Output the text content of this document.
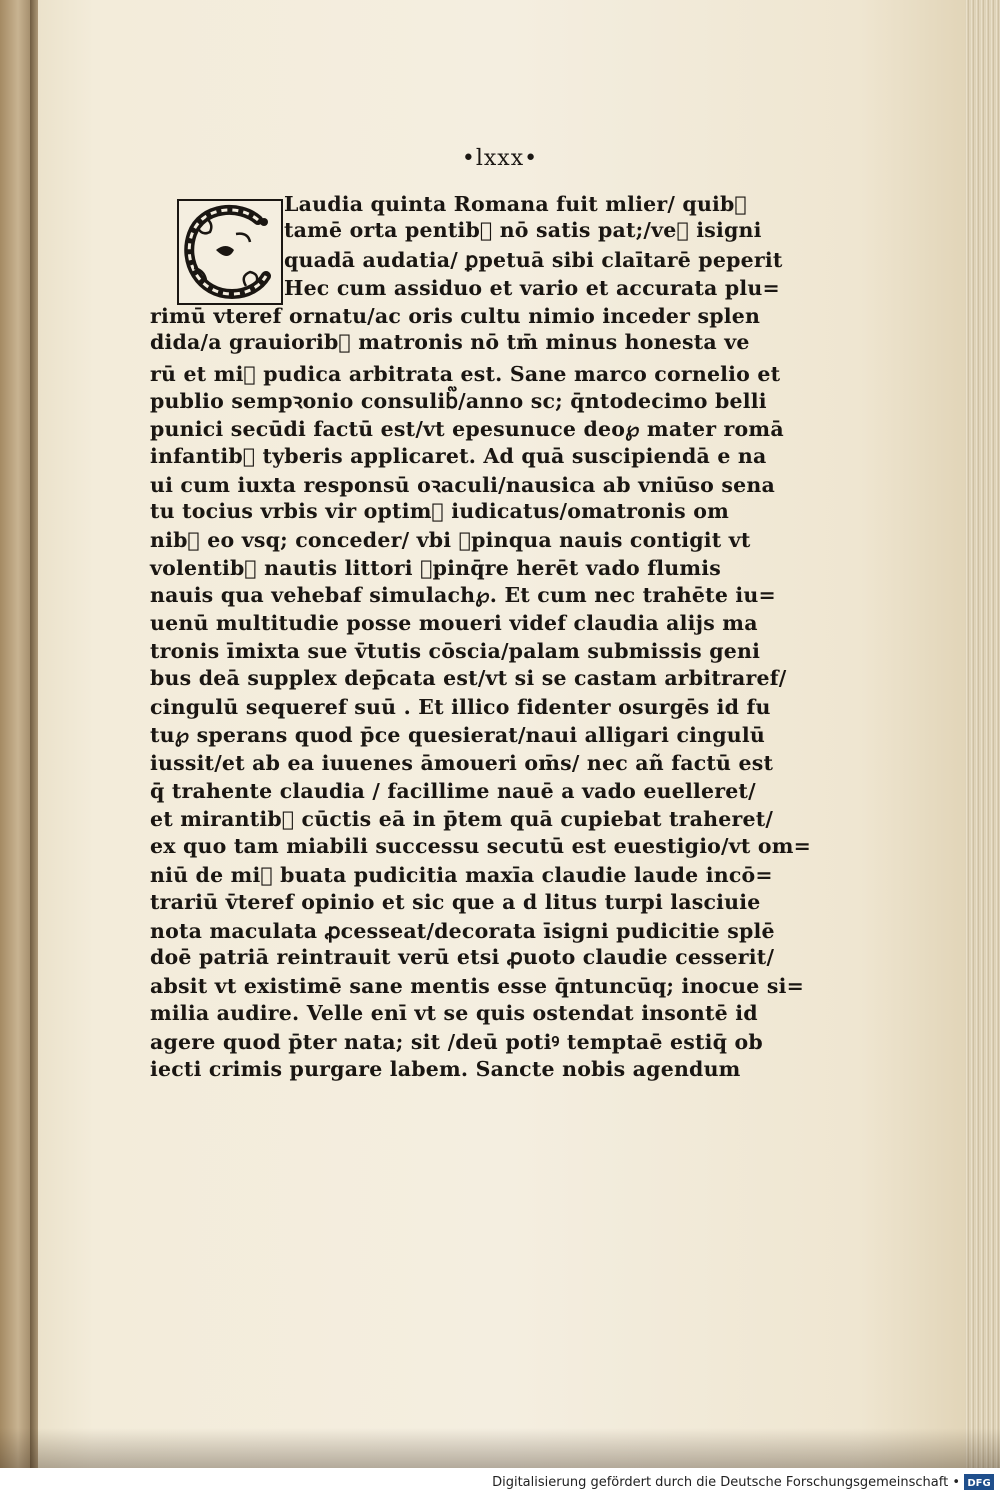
•lxxx•
Laudia quinta Romana fuit mlier/ quib᷑
tamē orta pentib᷑ nō satis pat;/ve℘ isigni
quadā audatia/ ꝑpetuā sibi claītarē peperit
Hec cum assiduo et vario et accurata plu=
rimū vteref ornatu/ac oris cultu nimio inceder splen
dida/a grauiorib᷑ matronis nō tm̄ minus honesta ve
rū et mi᷑ pudica arbitrata est. Sane marco cornelio et
publio sempꝛonio consulib᷑/anno sc; q̄ntodecimo belli
punici secūdi factū est/vt epesunuce deo℘ mater romā
infantib᷑ tyberis applicaret. Ad quā suscipiendā e na
ui cum iuxta responsū oꝛaculi/nausica ab vniūso sena
tu tocius vrbis vir optim᷑ iudicatus/omatronis om
nib᷑ eo vsq; conceder/ vbi ꝓpinqua nauis contigit vt
volentib᷑ nautis littori ꝓpinq̄re herēt vado flumis
nauis qua vehebaf simulach℘. Et cum nec trahēte iu=
uenū multitudie posse moueri videf claudia alijs ma
tronis īmixta sue v̄tutis cōscia/palam submissis geni
bus deā supplex dep̄cata est/vt si se castam arbitraref/
cingulū sequeref suū . Et illico fidenter osurgēs id fu
tu℘ sperans quod p̄ce quesierat/naui alligari cingulū
iussit/et ab ea iuuenes āmoueri om̄s/ nec añ factū est
q̄̄ trahente claudia / facillime nauē a vado euelleret/
et mirantib᷑ cūctis eā in p̄tem quā cupiebat traheret/
ex quo tam miabili successu secutū est euestigio/vt om=
niū de mi᷑ buata pudicitia maxīa claudie laude incō=
trariū v̄teref opinio et sic que a d litus turpi lasciuie
nota maculata ꝓcesseat/decorata īsigni pudicitie splē
doē patriā reintrauit verū etsi ꝓuoto claudie cesserit/
absit vt existimē sane mentis esse q̄ntuncūq; inocue si=
milia audire. Velle enī vt se quis ostendat insontē id
agere quod p̄ter nata; sit /deū potiꝰ temptaē estiq̄ ob
iecti crimis purgare labem. Sancte nobis agendum
Digitalisierung gefördert durch die Deutsche Forschungsgemeinschaft • DFG
